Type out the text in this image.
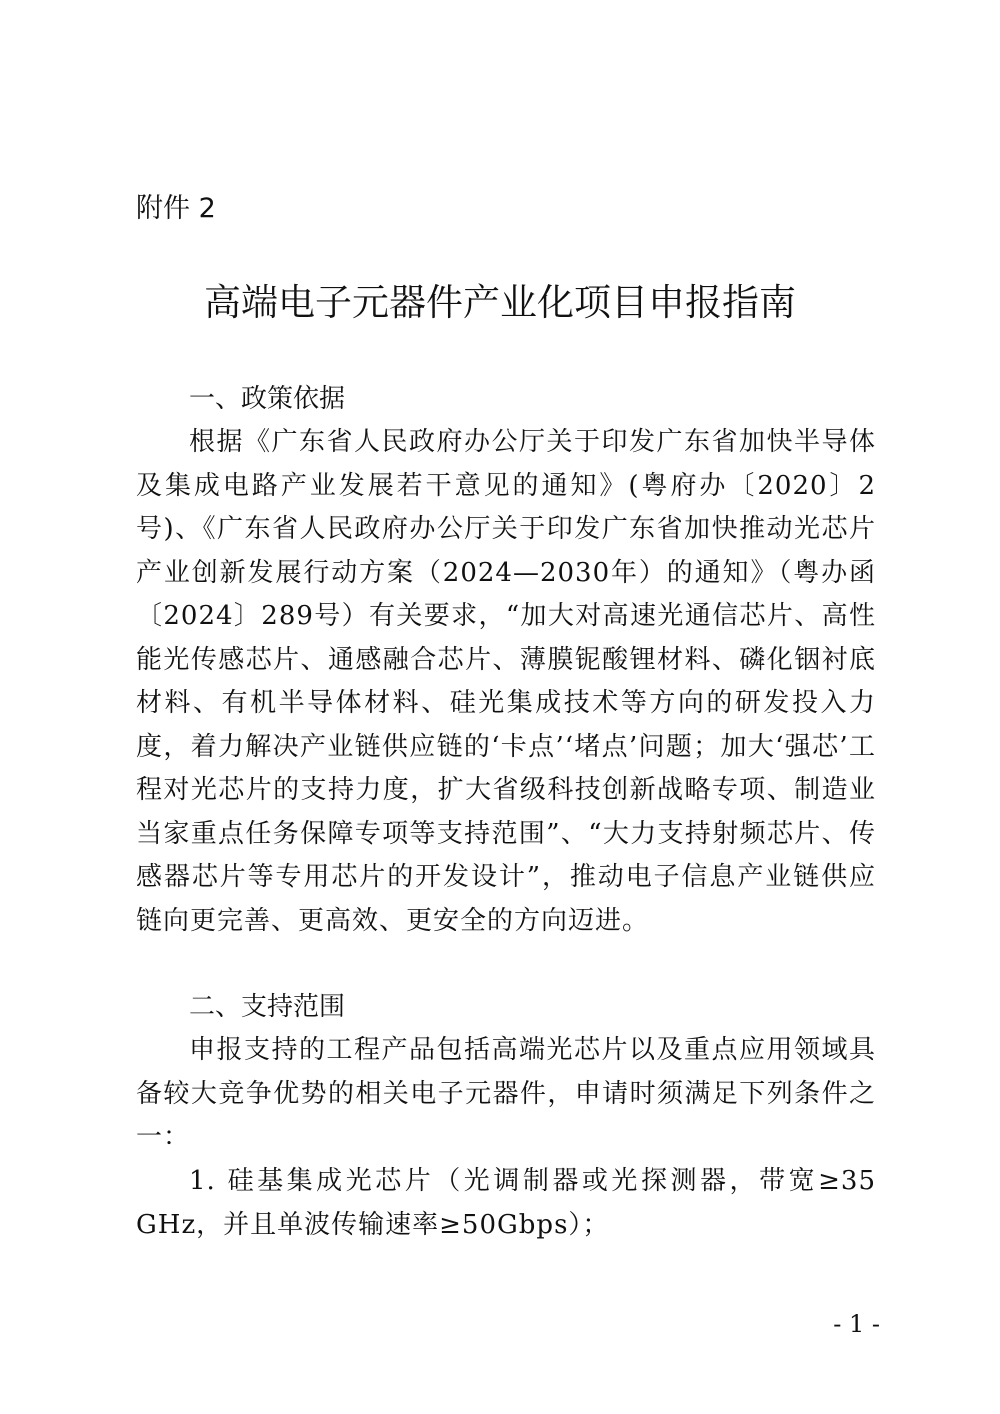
附件 2
高端电子元器件产业化项目申报指南
一、政策依据

根据《广东省人民政府办公厅关于印发广东省加快半导体及集成电路产业发展若干意见的通知》(粤府办〔2020〕2号)、《广东省人民政府办公厅关于印发广东省加快推动光芯片产业创新发展行动方案（2024—2030年）的通知》（粤办函〔2024〕289号）有关要求，“加大对高速光通信芯片、高性能光传感芯片、通感融合芯片、薄膜铌酸锂材料、磷化铟衬底材料、有机半导体材料、硅光集成技术等方向的研发投入力度，着力解决产业链供应链的‘卡点’‘堵点’问题；加大‘强芯’工程对光芯片的支持力度，扩大省级科技创新战略专项、制造业当家重点任务保障专项等支持范围”、“大力支持射频芯片、传感器芯片等专用芯片的开发设计”，推动电子信息产业链供应链向更完善、更高效、更安全的方向迈进。

二、支持范围

申报支持的工程产品包括高端光芯片以及重点应用领域具备较大竞争优势的相关电子元器件，申请时须满足下列条件之一：

1. 硅基集成光芯片（光调制器或光探测器，带宽≥35 GHz，并且单波传输速率≥50Gbps）；

- 1 -
